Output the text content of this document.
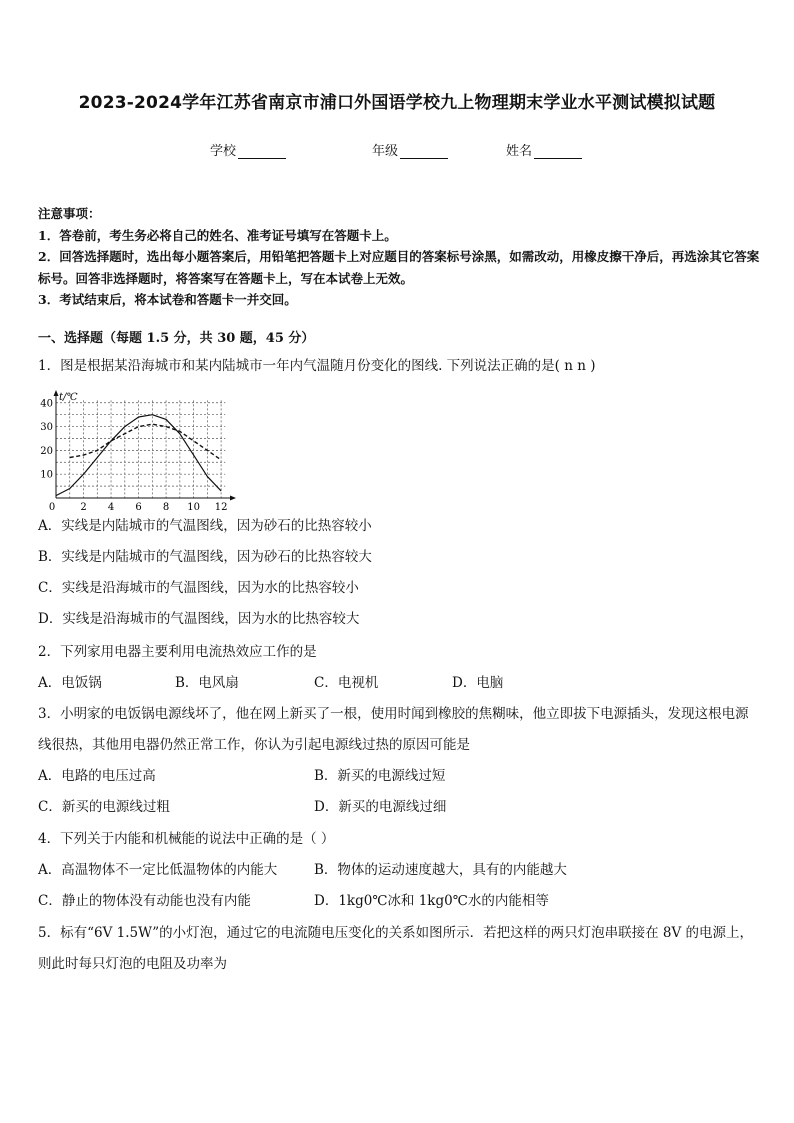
2023-2024学年江苏省南京市浦口外国语学校九上物理期末学业水平测试模拟试题
学校	年级	姓名

注意事项：

1．答卷前，考生务必将自己的姓名、准考证号填写在答题卡上。

2．回答选择题时，选出每小题答案后，用铅笔把答题卡上对应题目的答案标号涂黑，如需改动，用橡皮擦干净后，再选涂其它答案标号。回答非选择题时，将答案写在答题卡上，写在本试卷上无效。

3．考试结束后，将本试卷和答题卡一并交回。

一、选择题（每题 1.5 分，共 30 题，45 分）

1．图是根据某沿海城市和某内陆城市一年内气温随月份变化的图线. 下列说法正确的是( n n )

t/℃
10
20
30
40
0	2 4 6 8 10 12

A．实线是内陆城市的气温图线，因为砂石的比热容较小

B．实线是内陆城市的气温图线，因为砂石的比热容较大

C．实线是沿海城市的气温图线，因为水的比热容较小

D．实线是沿海城市的气温图线，因为水的比热容较大

2．下列家用电器主要利用电流热效应工作的是

A．电饭锅	B．电风扇	C．电视机	D．电脑

3．小明家的电饭锅电源线坏了，他在网上新买了一根，使用时闻到橡胶的焦糊味，他立即拔下电源插头，发现这根电源线很热，其他用电器仍然正常工作，你认为引起电源线过热的原因可能是

A．电路的电压过高	B．新买的电源线过短
C．新买的电源线过粗	D．新买的电源线过细

4．下列关于内能和机械能的说法中正确的是（ ）

A．高温物体不一定比低温物体的内能大	B．物体的运动速度越大，具有的内能越大
C．静止的物体没有动能也没有内能	D．1kg0℃冰和 1kg0℃水的内能相等

5．标有“6V 1.5W”的小灯泡，通过它的电流随电压变化的关系如图所示．若把这样的两只灯泡串联接在 8V 的电源上，则此时每只灯泡的电阻及功率为
